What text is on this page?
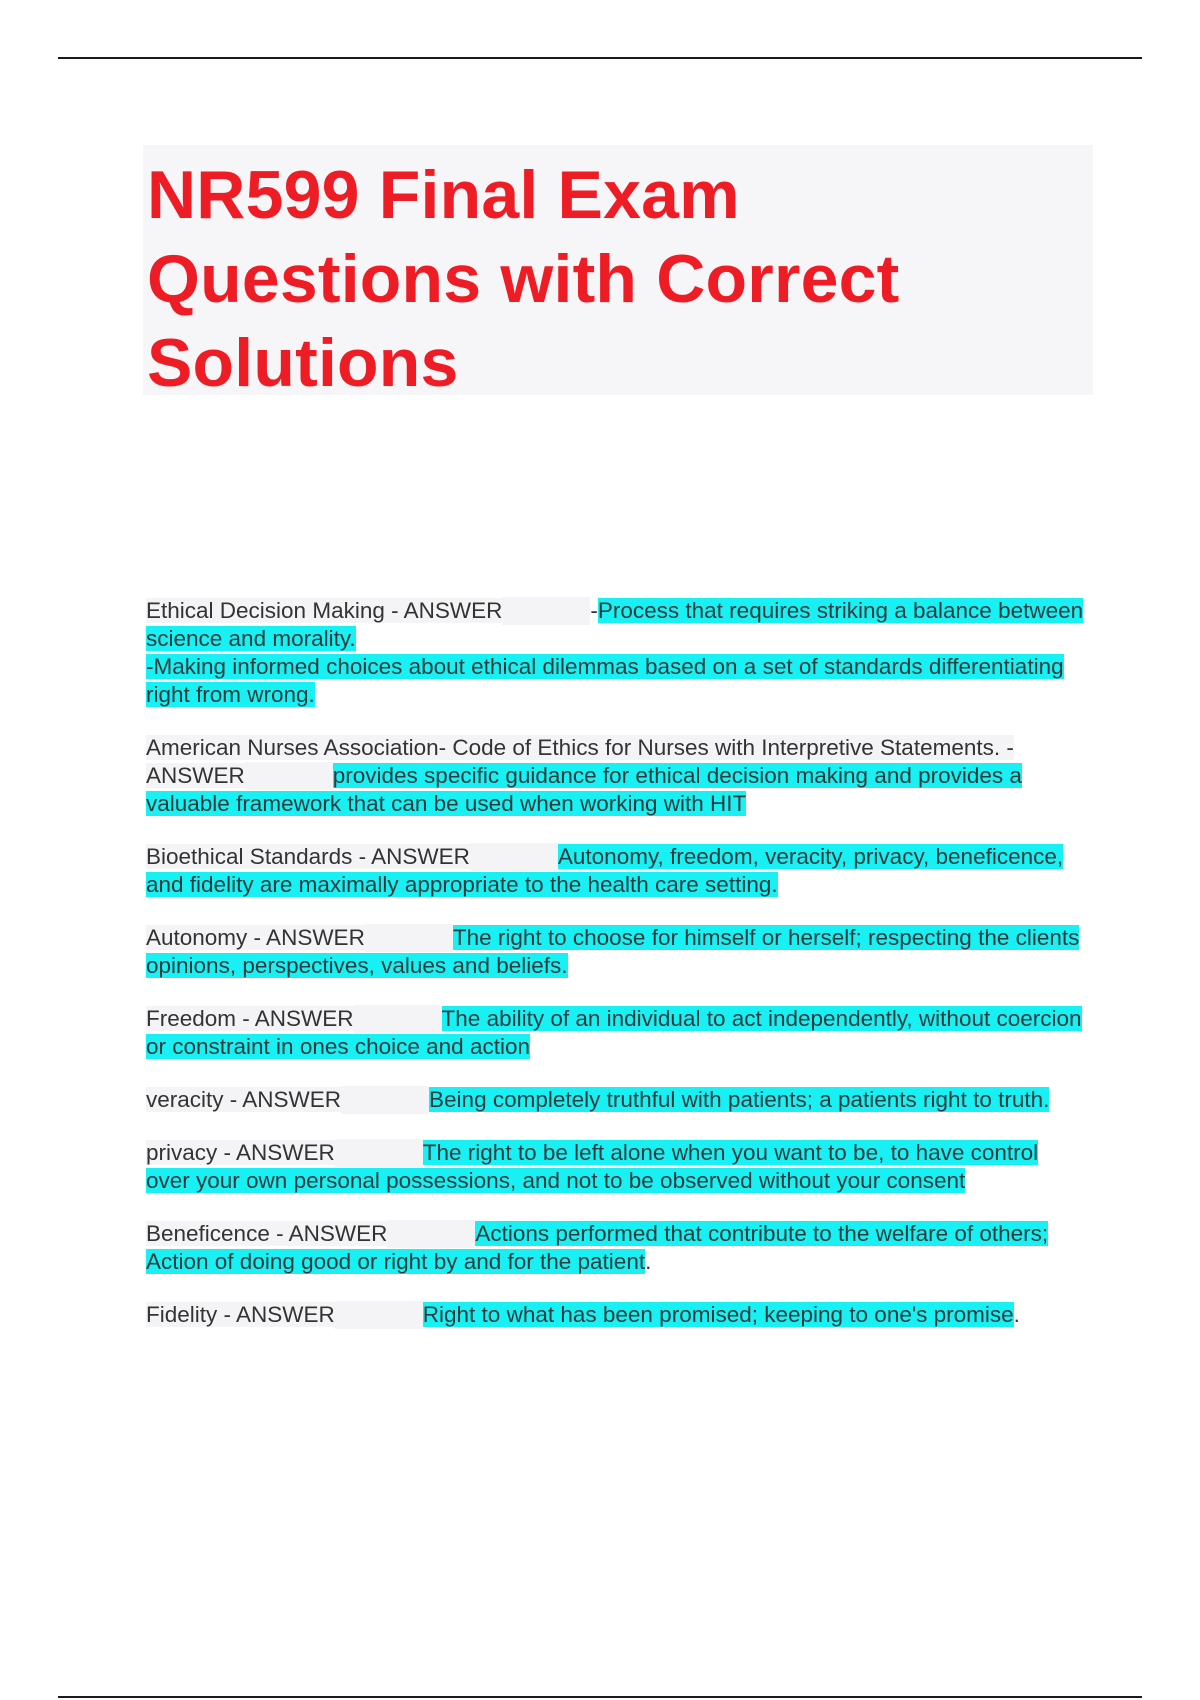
NR599 Final Exam Questions with Correct Solutions

Ethical Decision Making - ANSWER	-Process that requires striking a balance between science and morality.
-Making informed choices about ethical dilemmas based on a set of standards differentiating right from wrong.

American Nurses Association- Code of Ethics for Nurses with Interpretive Statements. -
ANSWER	provides specific guidance for ethical decision making and provides a valuable framework that can be used when working with HIT

Bioethical Standards - ANSWER	Autonomy, freedom, veracity, privacy, beneficence, and fidelity are maximally appropriate to the health care setting.

Autonomy - ANSWER	The right to choose for himself or herself; respecting the clients opinions, perspectives, values and beliefs.

Freedom - ANSWER	The ability of an individual to act independently, without coercion or constraint in ones choice and action

veracity - ANSWER	Being completely truthful with patients; a patients right to truth.

privacy - ANSWER	The right to be left alone when you want to be, to have control over your own personal possessions, and not to be observed without your consent

Beneficence - ANSWER	Actions performed that contribute to the welfare of others; Action of doing good or right by and for the patient.

Fidelity - ANSWER	Right to what has been promised; keeping to one's promise.
